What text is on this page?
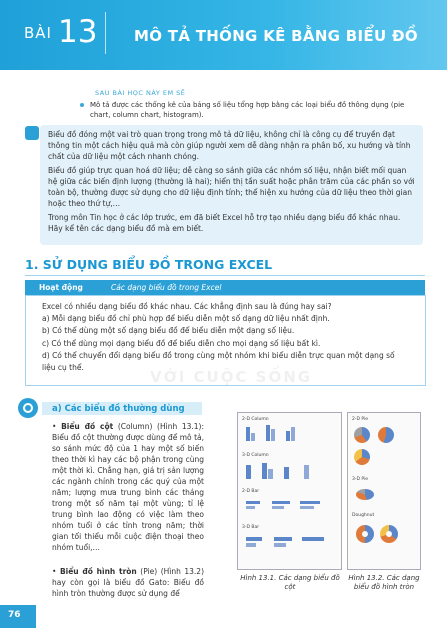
BÀI 13 MÔ TẢ THỐNG KÊ BẰNG BIỂU ĐỒ
SAU BÀI HỌC NÀY EM SẼ
Mô tả được các thống kê của bảng số liệu tổng hợp bằng các loại biểu đồ thông dụng (pie chart, column chart, histogram).

Biểu đồ đóng một vai trò quan trọng trong mô tả dữ liệu, không chỉ là công cụ để truyền đạt thông tin một cách hiệu quả mà còn giúp người xem dễ dàng nhận ra phân bố, xu hướng và tính chất của dữ liệu một cách nhanh chóng.

Biểu đồ giúp trực quan hoá dữ liệu; dễ càng so sánh giữa các nhóm số liệu, nhận biết mối quan hệ giữa các biến định lượng (thường là hai); hiển thị tần suất hoặc phân trăm của các phần so với toàn bộ, thường được sử dụng cho dữ liệu định tính; thể hiện xu hướng của dữ liệu theo thời gian hoặc theo thứ tự,…

Trong môn Tin học ở các lớp trước, em đã biết Excel hỗ trợ tạo nhiều dạng biểu đồ khác nhau. Hãy kể tên các dạng biểu đồ mà em biết.

1. SỬ DỤNG BIỂU ĐỒ TRONG EXCEL
Hoạt động	Các dạng biểu đồ trong Excel

Excel có nhiều dạng biểu đồ khác nhau. Các khẳng định sau là đúng hay sai?

a) Mỗi dạng biểu đồ chỉ phù hợp để biểu diễn một số dạng dữ liệu nhất định.

b) Có thể dùng một số dạng biểu đồ để biểu diễn một dạng số liệu.

c) Có thể dùng mọi dạng biểu đồ để biểu diễn cho mọi dạng số liệu bất kì.

d) Có thể chuyển đổi dạng biểu đồ trong cùng một nhóm khi biểu diễn trực quan một dạng số liệu cụ thể.

VỚI CUỘC SỐNG
a) Các biểu đồ thường dùng

• Biểu đồ cột (Column) (Hình 13.1): Biểu đồ cột thường được dùng để mô tả, so sánh mức độ của 1 hay một số biến theo thời kì hay các bộ phận trong cùng một thời kì. Chẳng hạn, giá trị sản lượng các ngành chính trong các quý của một năm; lượng mưa trung bình các tháng trong một số năm tại một vùng; tỉ lệ trung bình lao động có việc làm theo nhóm tuổi ở các tỉnh trong năm; thời gian tối thiểu mỗi cuộc điện thoại theo nhóm tuổi,…

• Biểu đồ hình tròn (Pie) (Hình 13.2) hay còn gọi là biểu đồ Gato: Biểu đồ hình tròn thường được sử dụng để

2-D Column
3-D Column
2-D Bar
3-D Bar
Hình 13.1. Các dạng biểu đồ cột
2-D Pie
3-D Pie
Doughnut
Hình 13.2. Các dạng biểu đồ hình tròn
76
